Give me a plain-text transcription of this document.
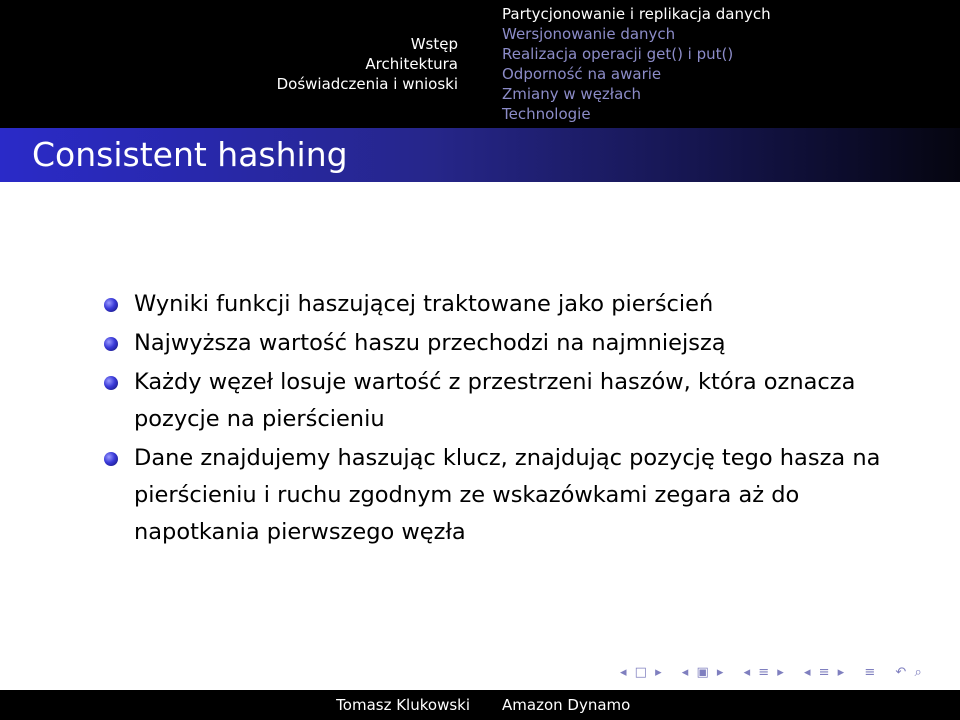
Wstęp
Architektura
Doświadczenia i wnioski
Partycjonowanie i replikacja danych
Wersjonowanie danych
Realizacja operacji get() i put()
Odporność na awarie
Zmiany w węzłach
Technologie
Consistent hashing
Wyniki funkcji haszującej traktowane jako pierścień
Najwyższa wartość haszu przechodzi na najmniejszą
Każdy węzeł losuje wartość z przestrzeni haszów, która oznacza pozycje na pierścieniu
Dane znajdujemy haszując klucz, znajdując pozycję tego hasza na pierścieniu i ruchu zgodnym ze wskazówkami zegara aż do napotkania pierwszego węzła
◂ □ ▸ ◂ ▣ ▸ ◂ ≡ ▸ ◂ ≡ ▸ ≡ ↶ ⌕
Tomasz Klukowski Amazon Dynamo
